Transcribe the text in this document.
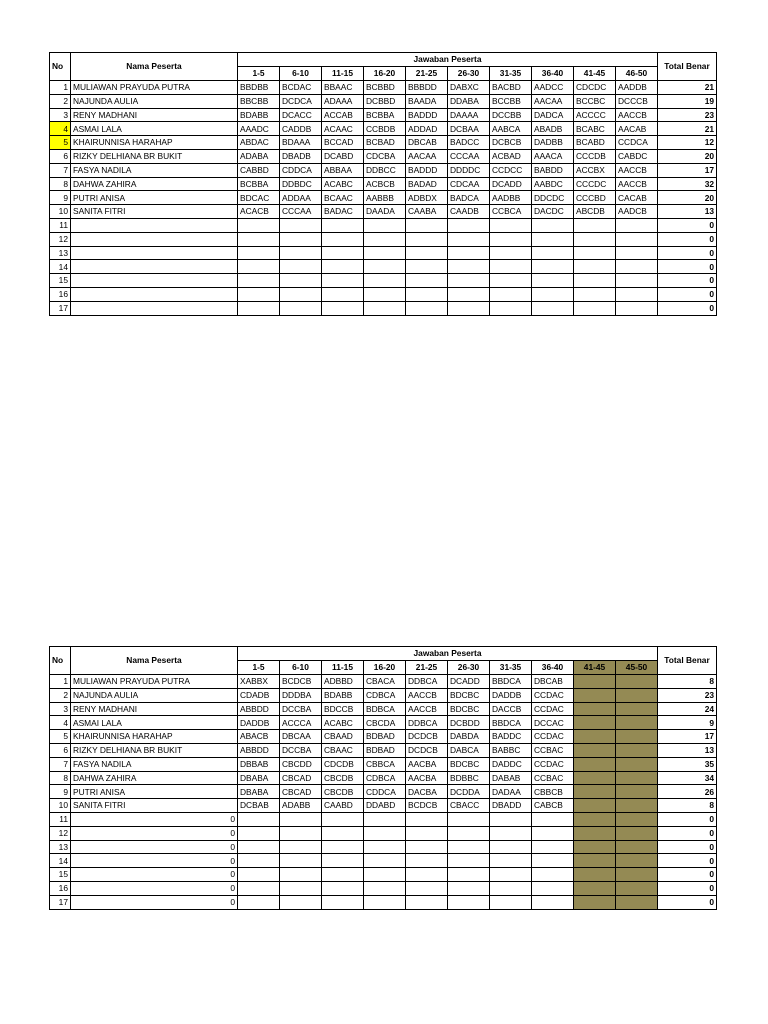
No	Nama Peserta	Jawaban Peserta										Total Benar
		1-5	6-10	11-15	16-20	21-25	26-30	31-35	36-40	41-45	46-50	
1	MULIAWAN PRAYUDA PUTRA	BBDBB	BCDAC	BBAAC	BCBBD	BBBDD	DABXC	BACBD	AADCC	CDCDC	AADDB	21
2	NAJUNDA AULIA	BBCBB	DCDCA	ADAAA	DCBBD	BAADA	DDABA	BCCBB	AACAA	BCCBC	DCCCB	19
3	RENY MADHANI	BDABB	DCACC	ACCAB	BCBBA	BADDD	DAAAA	DCCBB	DADCA	ACCCC	AACCB	23
4	ASMAI LALA	AAADC	CADDB	ACAAC	CCBDB	ADDAD	DCBAA	AABCA	ABADB	BCABC	AACAB	21
5	KHAIRUNNISA HARAHAP	ABDAC	BDAAA	BCCAD	BCBAD	DBCAB	BADCC	DCBCB	DADBB	BCABD	CCDCA	12
6	RIZKY DELHIANA BR BUKIT	ADABA	DBADB	DCABD	CDCBA	AACAA	CCCAA	ACBAD	AAACA	CCCDB	CABDC	20
7	FASYA NADILA	CABBD	CDDCA	ABBAA	DDBCC	BADDD	DDDDC	CCDCC	BABDD	ACCBX	AACCB	17
8	DAHWA ZAHIRA	BCBBA	DDBDC	ACABC	ACBCB	BADAD	CDCAA	DCADD	AABDC	CCCDC	AACCB	32
9	PUTRI ANISA	BDCAC	ADDAA	BCAAC	AABBB	ADBDX	BADCA	AADBB	DDCDC	CCCBD	CACAB	20
10	SANITA FITRI	ACACB	CCCAA	BADAC	DAADA	CAABA	CAADB	CCBCA	DACDC	ABCDB	AADCB	13
11												0
12												0
13												0
14												0
15												0
16												0
17												0
No	Nama Peserta	Jawaban Peserta										Total Benar
		1-5	6-10	11-15	16-20	21-25	26-30	31-35	36-40	41-45	45-50	
1	MULIAWAN PRAYUDA PUTRA	XABBX	BCDCB	ADBBD	CBACA	DDBCA	DCADD	BBDCA	DBCAB			8
2	NAJUNDA AULIA	CDADB	DDDBA	BDABB	CDBCA	AACCB	BDCBC	DADDB	CCDAC			23
3	RENY MADHANI	ABBDD	DCCBA	BDCCB	BDBCA	AACCB	BDCBC	DACCB	CCDAC			24
4	ASMAI LALA	DADDB	ACCCA	ACABC	CBCDA	DDBCA	DCBDD	BBDCA	DCCAC			9
5	KHAIRUNNISA HARAHAP	ABACB	DBCAA	CBAAD	BDBAD	DCDCB	DABDA	BADDC	CCDAC			17
6	RIZKY DELHIANA BR BUKIT	ABBDD	DCCBA	CBAAC	BDBAD	DCDCB	DABCA	BABBC	CCBAC			13
7	FASYA NADILA	DBBAB	CBCDD	CDCDB	CBBCA	AACBA	BDCBC	DADDC	CCDAC			35
8	DAHWA ZAHIRA	DBABA	CBCAD	CBCDB	CDBCA	AACBA	BDBBC	DABAB	CCBAC			34
9	PUTRI ANISA	DBABA	CBCAD	CBCDB	CDDCA	DACBA	DCDDA	DADAA	CBBCB			26
10	SANITA FITRI	DCBAB	ADABB	CAABD	DDABD	BCDCB	CBACC	DBADD	CABCB			8
11	0											0
12	0											0
13	0											0
14	0											0
15	0											0
16	0											0
17	0											0
